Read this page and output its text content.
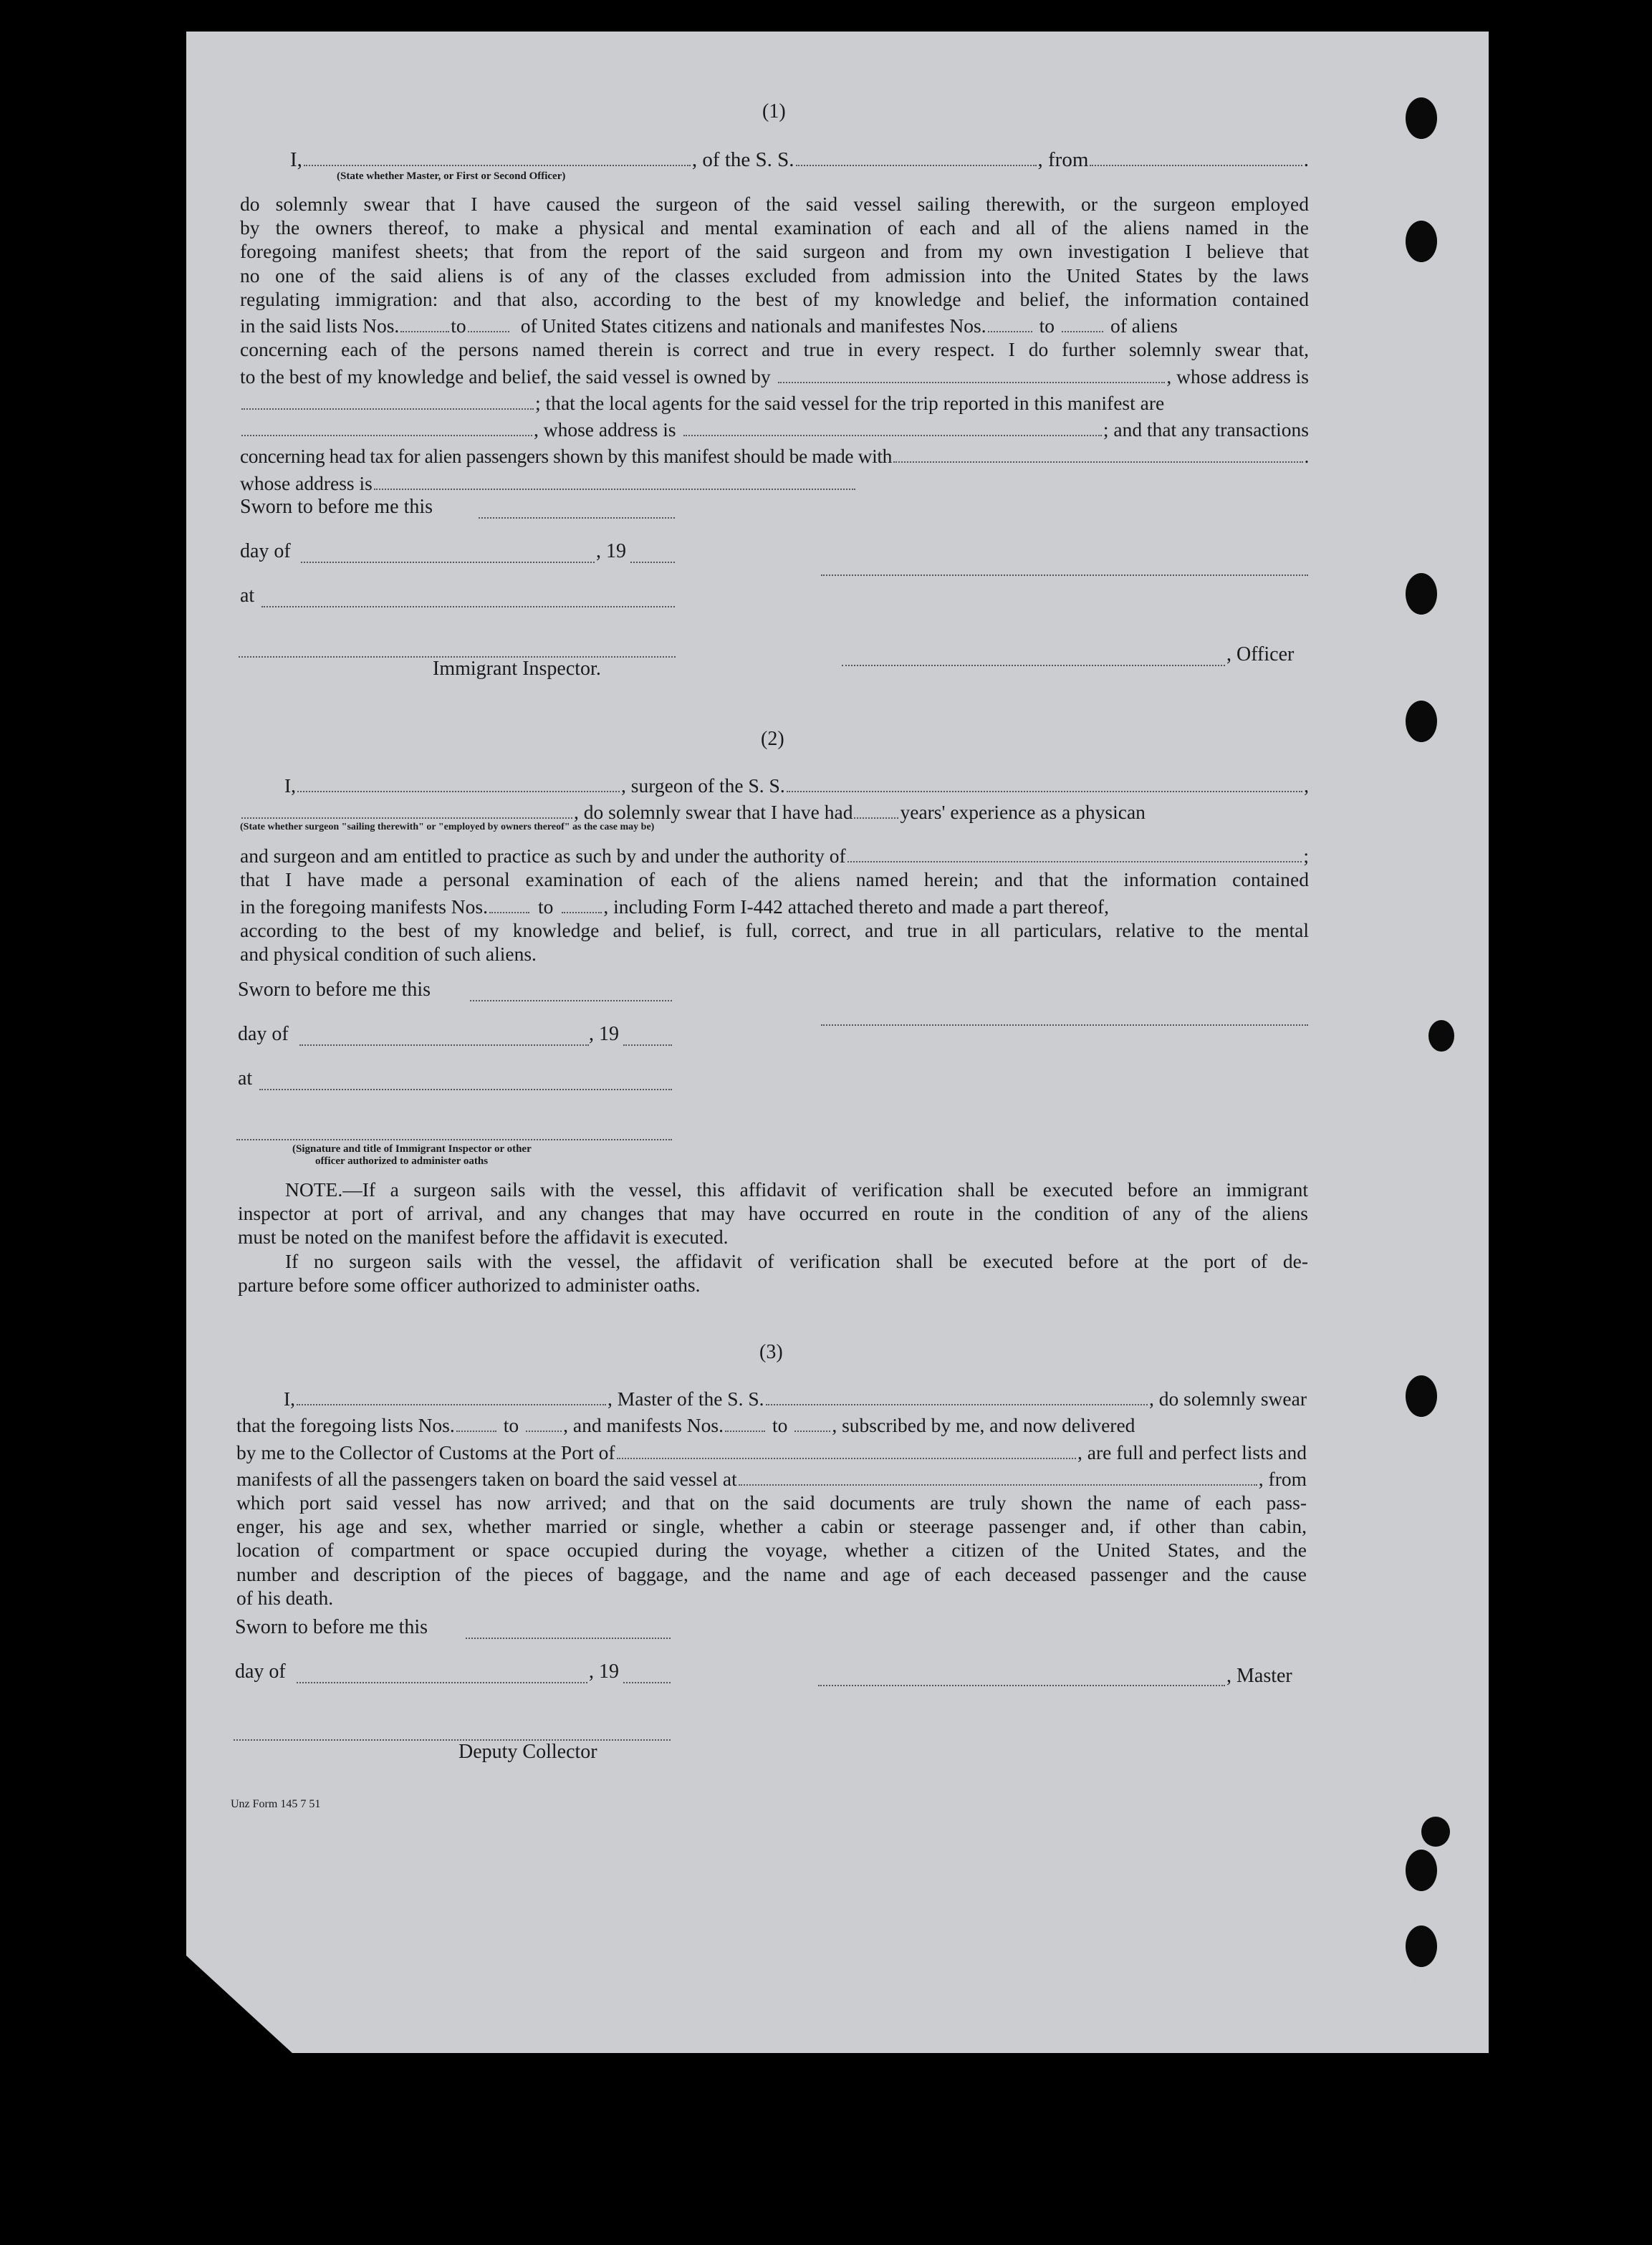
53
(1)
I,	, of the S. S.	, from	.
(State whether Master, or First or Second Officer)
do solemnly swear that I have caused the surgeon of the said vessel sailing therewith, or the surgeon employed
by the owners thereof, to make a physical and mental examination of each and all of the aliens named in the
foregoing manifest sheets; that from the report of the said surgeon and from my own investigation I believe that
no one of the said aliens is of any of the classes excluded from admission into the United States by the laws
regulating immigration: and that also, according to the best of my knowledge and belief, the information contained
in the said lists Nos.	to	of United States citizens and nationals and manifestes Nos.	to	of aliens
concerning each of the persons named therein is correct and true in every respect. I do further solemnly swear that,
to the best of my knowledge and belief, the said vessel is owned by	, whose address is
; that the local agents for the said vessel for the trip reported in this manifest are
, whose address is	; and that any transactions
concerning head tax for alien passengers shown by this manifest should be made with	.
whose address is
Sworn to before me this
day of	, 19
at
, Officer
Immigrant Inspector.
(2)
I,	, surgeon of the S. S.	,
, do solemnly swear that I have had years' experience as a physican
(State whether surgeon "sailing therewith" or "employed by owners thereof" as the case may be)
and surgeon and am entitled to practice as such by and under the authority of	;
that I have made a personal examination of each of the aliens named herein; and that the information contained
in the foregoing manifests Nos.	to	, including Form I-442 attached thereto and made a part thereof,
according to the best of my knowledge and belief, is full, correct, and true in all particulars, relative to the mental
and physical condition of such aliens.
Sworn to before me this
day of	, 19
at
(Signature and title of Immigrant Inspector or other
officer authorized to administer oaths
NOTE.—If a surgeon sails with the vessel, this affidavit of verification shall be executed before an immigrant
inspector at port of arrival, and any changes that may have occurred en route in the condition of any of the aliens
must be noted on the manifest before the affidavit is executed.
If no surgeon sails with the vessel, the affidavit of verification shall be executed before at the port of de-
parture before some officer authorized to administer oaths.
(3)
I,	, Master of the S. S.	, do solemnly swear
that the foregoing lists Nos. to , and manifests Nos. to , subscribed by me, and now delivered
by me to the Collector of Customs at the Port of	, are full and perfect lists and
manifests of all the passengers taken on board the said vessel at	, from
which port said vessel has now arrived; and that on the said documents are truly shown the name of each pass-
enger, his age and sex, whether married or single, whether a cabin or steerage passenger and, if other than cabin,
location of compartment or space occupied during the voyage, whether a citizen of the United States, and the
number and description of the pieces of baggage, and the name and age of each deceased passenger and the cause
of his death.
Sworn to before me this
day of	, 19	, Master
Deputy Collector
Unz Form 145 7 51
